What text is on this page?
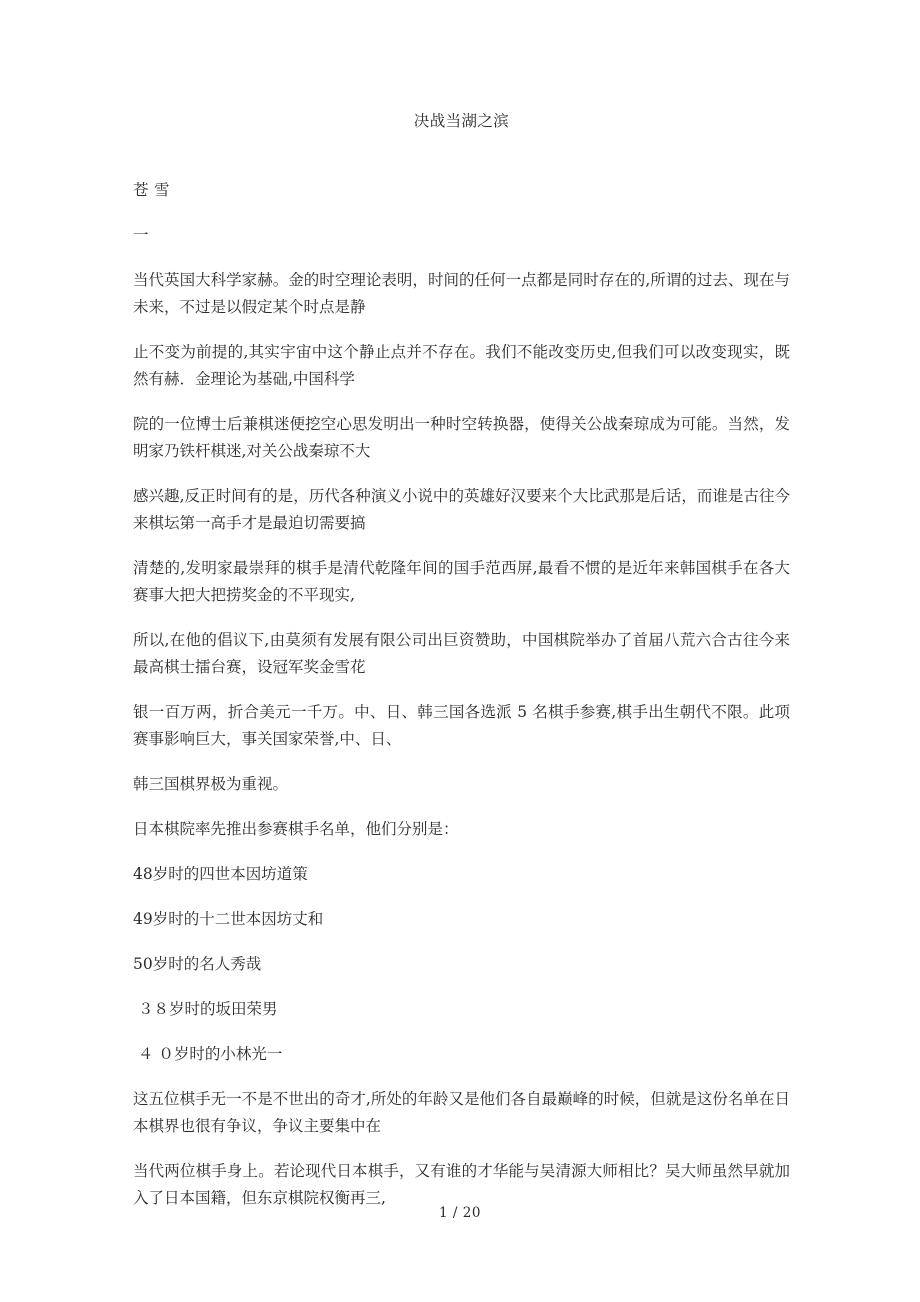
决战当湖之滨
苍 雪
一
当代英国大科学家赫。金的时空理论表明，时间的任何一点都是同时存在的,所谓的过去、现在与未来，不过是以假定某个时点是静
止不变为前提的,其实宇宙中这个静止点并不存在。我们不能改变历史,但我们可以改变现实，既然有赫．金理论为基础,中国科学
院的一位博士后兼棋迷便挖空心思发明出一种时空转换器，使得关公战秦琼成为可能。当然，发明家乃铁杆棋迷,对关公战秦琼不大
感兴趣,反正时间有的是，历代各种演义小说中的英雄好汉要来个大比武那是后话，而谁是古往今来棋坛第一高手才是最迫切需要搞
清楚的,发明家最崇拜的棋手是清代乾隆年间的国手范西屏,最看不惯的是近年来韩国棋手在各大赛事大把大把捞奖金的不平现实,
所以,在他的倡议下,由莫须有发展有限公司出巨资赞助，中国棋院举办了首届八荒六合古往今来最高棋士擂台赛，设冠军奖金雪花
银一百万两，折合美元一千万。中、日、韩三国各选派 5 名棋手参赛,棋手出生朝代不限。此项赛事影响巨大，事关国家荣誉,中、日、
韩三国棋界极为重视。
日本棋院率先推出参赛棋手名单，他们分别是：
48岁时的四世本因坊道策
49岁时的十二世本因坊丈和
50岁时的名人秀哉
３８岁时的坂田荣男
４ ０岁时的小林光一
这五位棋手无一不是不世出的奇才,所处的年龄又是他们各自最巅峰的时候，但就是这份名单在日本棋界也很有争议，争议主要集中在
当代两位棋手身上。若论现代日本棋手，又有谁的才华能与吴清源大师相比？吴大师虽然早就加入了日本国籍，但东京棋院权衡再三,
1 / 20
